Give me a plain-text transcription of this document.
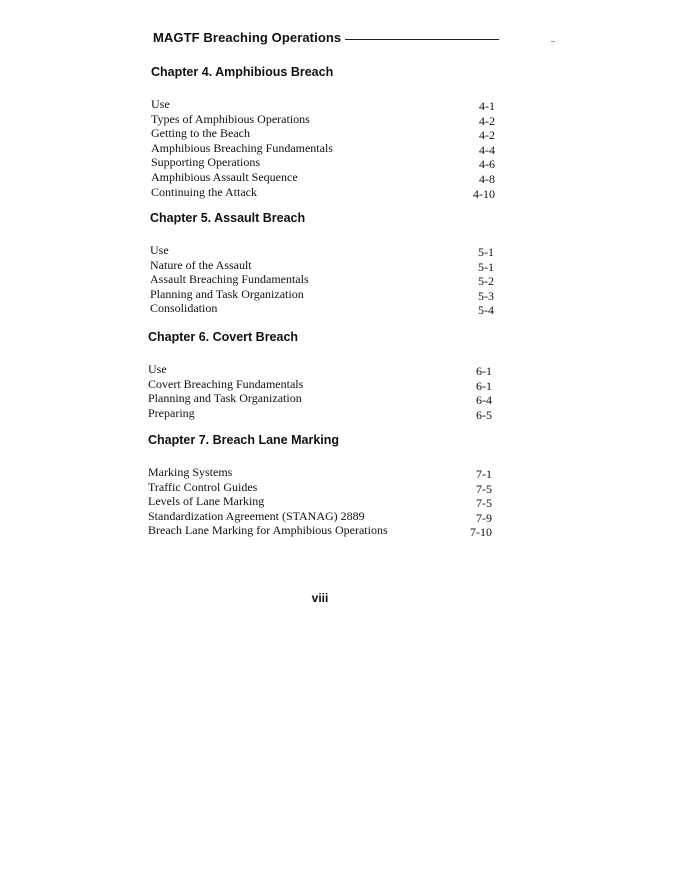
MAGTF Breaching Operations
Chapter 4. Amphibious Breach
Use	4-1
Types of Amphibious Operations	4-2
Getting to the Beach	4-2
Amphibious Breaching Fundamentals	4-4
Supporting Operations	4-6
Amphibious Assault Sequence	4-8
Continuing the Attack	4-10
Chapter 5. Assault Breach
Use	5-1
Nature of the Assault	5-1
Assault Breaching Fundamentals	5-2
Planning and Task Organization	5-3
Consolidation	5-4
Chapter 6. Covert Breach
Use	6-1
Covert Breaching Fundamentals	6-1
Planning and Task Organization	6-4
Preparing	6-5
Chapter 7. Breach Lane Marking
Marking Systems	7-1
Traffic Control Guides	7-5
Levels of Lane Marking	7-5
Standardization Agreement (STANAG) 2889	7-9
Breach Lane Marking for Amphibious Operations	7-10
viii
